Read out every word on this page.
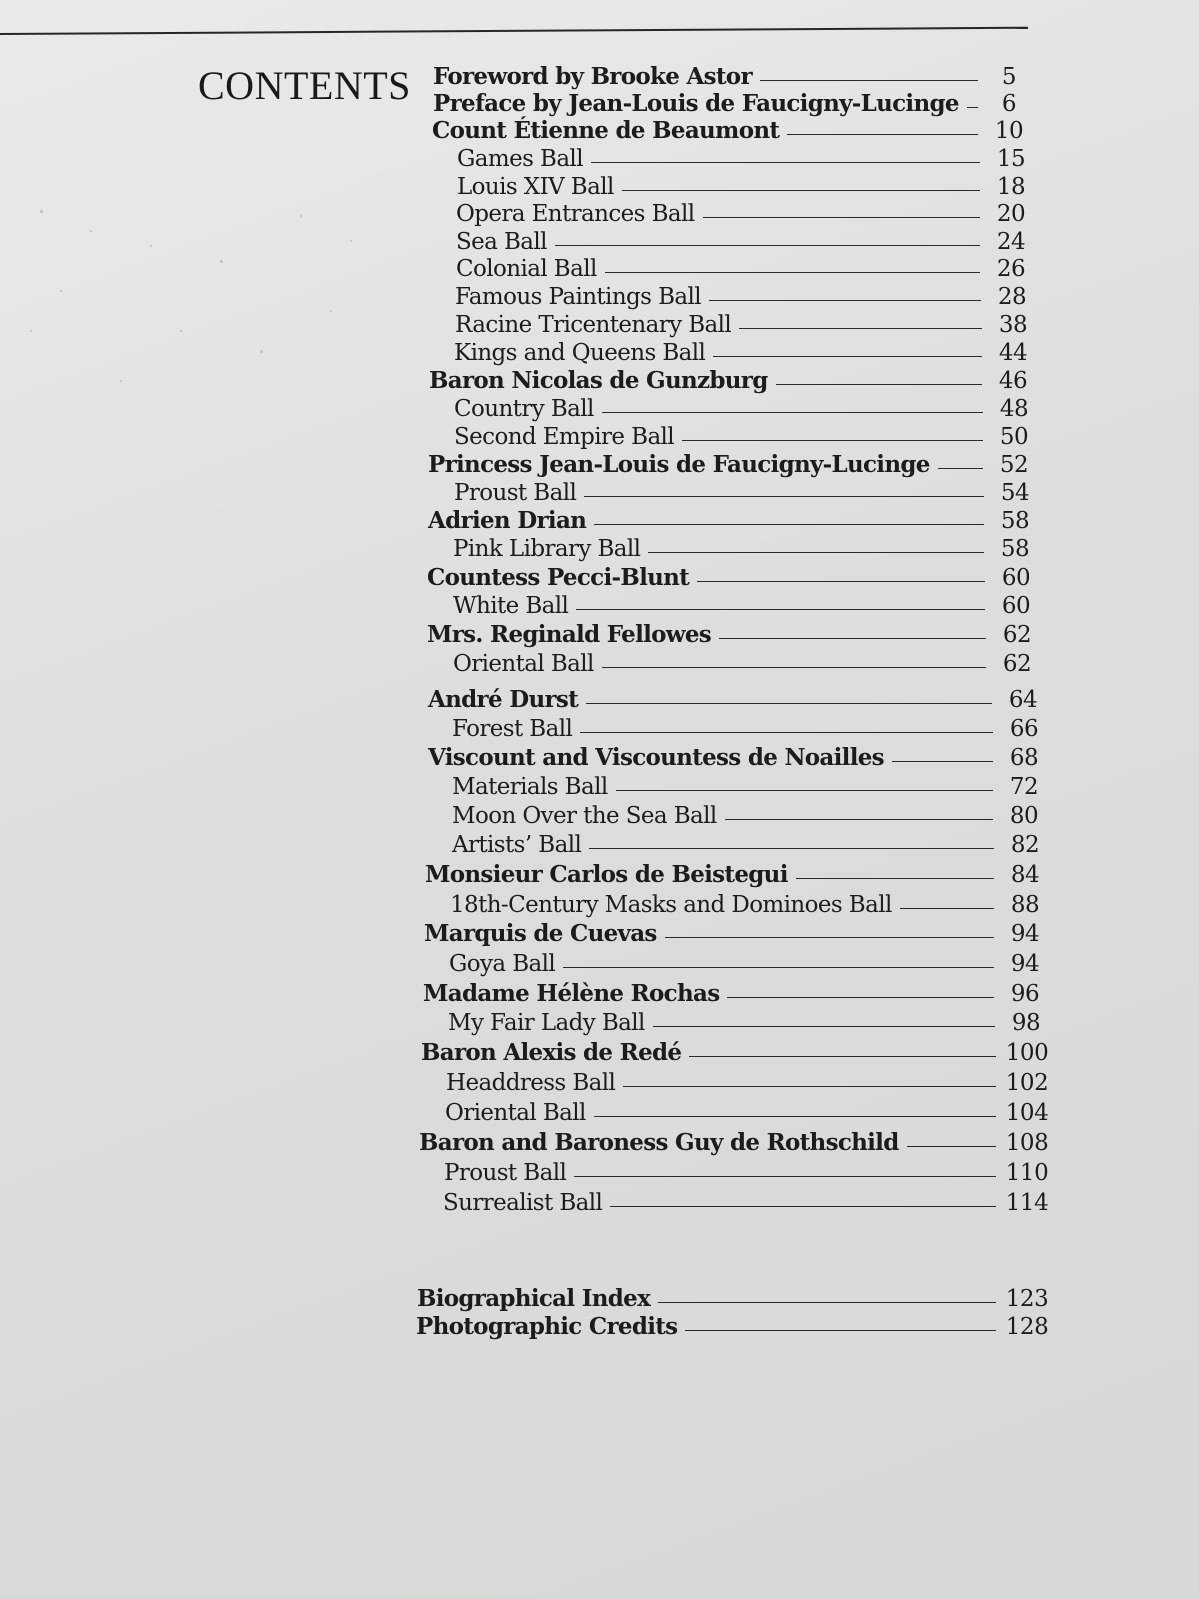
CONTENTS Foreword by Brooke Astor	5
Preface by Jean-Louis de Faucigny-Lucinge	6
Count Étienne de Beaumont	10
Games Ball	15
Louis XIV Ball	18
Opera Entrances Ball	20
Sea Ball	24
Colonial Ball	26
Famous Paintings Ball	28
Racine Tricentenary Ball	38
Kings and Queens Ball	44
Baron Nicolas de Gunzburg	46
Country Ball	48
Second Empire Ball	50
Princess Jean-Louis de Faucigny-Lucinge	52
Proust Ball	54
Adrien Drian	58
Pink Library Ball	58
Countess Pecci-Blunt	60
White Ball	60
Mrs. Reginald Fellowes	62
Oriental Ball	62
André Durst	64
Forest Ball	66
Viscount and Viscountess de Noailles	68
Materials Ball	72
Moon Over the Sea Ball	80
Artists’ Ball	82
Monsieur Carlos de Beistegui	84
18th-Century Masks and Dominoes Ball	88
Marquis de Cuevas	94
Goya Ball	94
Madame Hélène Rochas	96
My Fair Lady Ball	98
Baron Alexis de Redé	100
Headdress Ball	102
Oriental Ball	104
Baron and Baroness Guy de Rothschild	108
Proust Ball	110
Surrealist Ball	114
Biographical Index	123
Photographic Credits	128
